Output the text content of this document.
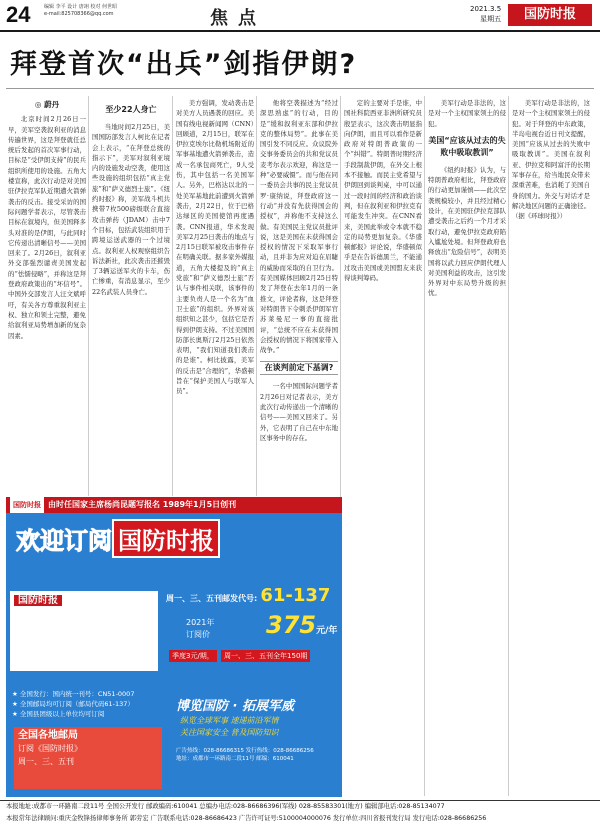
24	编辑 李平 设计 唐翊 校对 何世昭
e-mail:825708366@qq.com	焦点	2021.3.5
星期五	国防时报
拜登首次“出兵”剑指伊朗?

◎ 蔚丹

北京时间2月26日一早，美军空袭叙利亚的消息传遍世界，这是拜登就任总统后发起的首次军事行动，目标是“受伊朗支持”的民兵组织所使用的设施。五角大楼宣称，此次行动是对美国驻伊拉克军队近期遭火箭弹袭击的反击。接受采访的国际问题学者表示，尽管袭击目标在叙境内，但美国释多头对准的是伊朗，与此同时它传递出清晰信号——美国回来了。2月26日，叙利亚外交部强烈谴责美国发起的“怯懦侵略”，并称这是拜登政府政策出的“坏信号”。中国外交部发言人汪文斌呼吁，有关各方尊重叙利亚主权、独立和领土完整，避免给叙利亚局势增加新的复杂因素。

至少22人身亡

当地时间2月25日，美国国防部发言人柯比在记者会上表示，“在拜登总统的指示下”，美军对叙利亚境内的设施发动空袭，使用这些设施的组织包括“真主党旅”和“萨义德烈士旅”。《纽约时报》称，美军战斗机共携带7枚500磅级联合直接攻击弹药（JDAM）击中7个目标，包括武装组织用于跨境运送武器的一个过境点。叙利亚人权观察组织告诉法新社，此次袭击还摧毁了3辆运送军火的卡车，伤亡惨重，有消息显示，至少22名武装人员身亡。

美方强调，发动袭击是对美方人员遇袭的回应。美国有线电视新闻网（CNN）回顾道，2月15日，联军在伊拉克埃尔比勒机场附近的军事基地遭火箭弹袭击，造成一名承包商死亡，9人受伤，其中包括一名美国军人。另外，巴格达以北的一处美军基地此前遭到火箭弹袭击，2月22日，位于巴格达绿区的美国使馆再度遇袭。CNN报道，华术发现美军2月25日袭击的地点与2月15日联军被攻击事件存在明确关联。据多家外媒报道，五角大楼提及的“真主党旅”和“萨义德烈士旅”否认与事件相关联，该事件的主要负责人是一个名为“血卫士旅”的组织。外界对该组织知之甚少，包括它是否得到伊朗支持。不过美国国防部长奥斯汀2月25日依然表明，“我们知道我们袭击的是谁”。柯比披露，美军的反击是“合理的”，华盛顿旨在“保护美国人与联军人员”。

他将空袭描述为“经过深思熟虑”的行动，目的是“缓和叙利亚东部和伊拉克的整体局势”。此事在美国引发不同反应。众议院外交事务委员会的共和党议员麦考尔表示欢迎，称这是一种“必要威慑”。而与他在同一委员会共事的民主党议员罗·康纳说，拜登政府这一行动“并没有先获得国会的授权”，并称他不支持这么做。有美国民主党议员批评说，这是美国在未获得国会授权的情况下采取军事行动，且并非为应对迫在眉睫的威胁而采取的自卫行为。有美国媒体回顾2月25日特发了拜登在去年1月的一条推文，评论者称，这是拜登对特朗普下令刺杀伊朗军官苏莱曼尼一事的直接批评，“总统不应在未获得国会授权的情况下将国家带入战争。”

在谈判前定下基调?

一名中国国际问题学者2月26日对记者表示，美方此次行动传递出一个清晰的信号——美国又回来了。另外，它表明了自己在中东地区事务中的存在。

定的主要对手是谁，中国社科院西亚非洲所研究员殷罡表示，这次袭击明显指向伊朗，而且可以看作是新政府对特朗普政策的一个“纠错”。特朗普时期经济手段制裁伊朗，在外交上根本不接触。而民主党希望与伊朗回到谈判桌，中可以通过一段时间的经济和政治谈判，但在叙利亚和伊拉克有可能发生冲突。在CNN看来，美国此举或令本就不稳定的局势更加复杂。《华盛顿邮报》评论说，华盛顿似乎是在告诉德黑兰，不能通过攻击美国或美国盟友来获得谈判筹码。

美军行动是非法的，这是对一个主权国家领土的侵犯。

美国“应该从过去的失败中吸取教训”

《纽约时报》认为，与特朗普政府相比，拜登政府的行动更加谨慎——此次空袭规模较小，并且经过精心设计，在美国驻伊拉克部队遭受袭击之后约一个月才采取行动，避免伊拉克政府陷入尴尬处境。但拜登政府也释放出“危险信号”，表明美国将以武力回应伊朗代理人对美国利益的攻击，这引发外界对中东局势升级的担忧。

美军行动是非法的，这是对一个主权国家领土的侵犯。对于拜登的中东政策，半岛电视台近日刊文提醒，美国“应该从过去的失败中吸取教训”。美国在叙利亚、伊拉克和阿富汗的长期军事存在，给当地民众带来深重苦难，也消耗了美国自身的国力。外交与对话才是解决地区问题的正确途径。（据《环球时报》）

国防时报 由时任国家主席杨尚昆题写报名 1989年1月5日创刊
欢迎订阅 国防时报
国防时报	周一、三、五刊邮发代号: 61-137
2021年
订阅价 375元/年
季度3元/期， 周一、三、五刊全年150期
★ 全国发行：国内统一刊号：CN51-0007
★ 全国邮局均可订阅（邮局代码61-137）
★ 全国县团级以上单位均可订阅	博览国防 · 拓展军威
纵览全球军事 速递前沿军情
关注国家安全 普及国防知识
全国各地邮局
订阅《国防时报》
周一、三、五刊
广告热线：028-86686315 发行热线：028-86686256
地址：成都市一环路南二段11号 邮编：610041
本报地址:成都市一环路南二段11号 全国公开发行 邮政编码:610041 总编办电话:028-86686396(军线) 028-85583301(地方) 编辑部电话:028-85134077
本报常年法律顾问:重庆金牧锋扬律师事务所 郭劳宏 广告联系电话:028-86686423 广告许可证号:5100004000076 发行单位:四川省报刊发行局 发行电话:028-86686256
